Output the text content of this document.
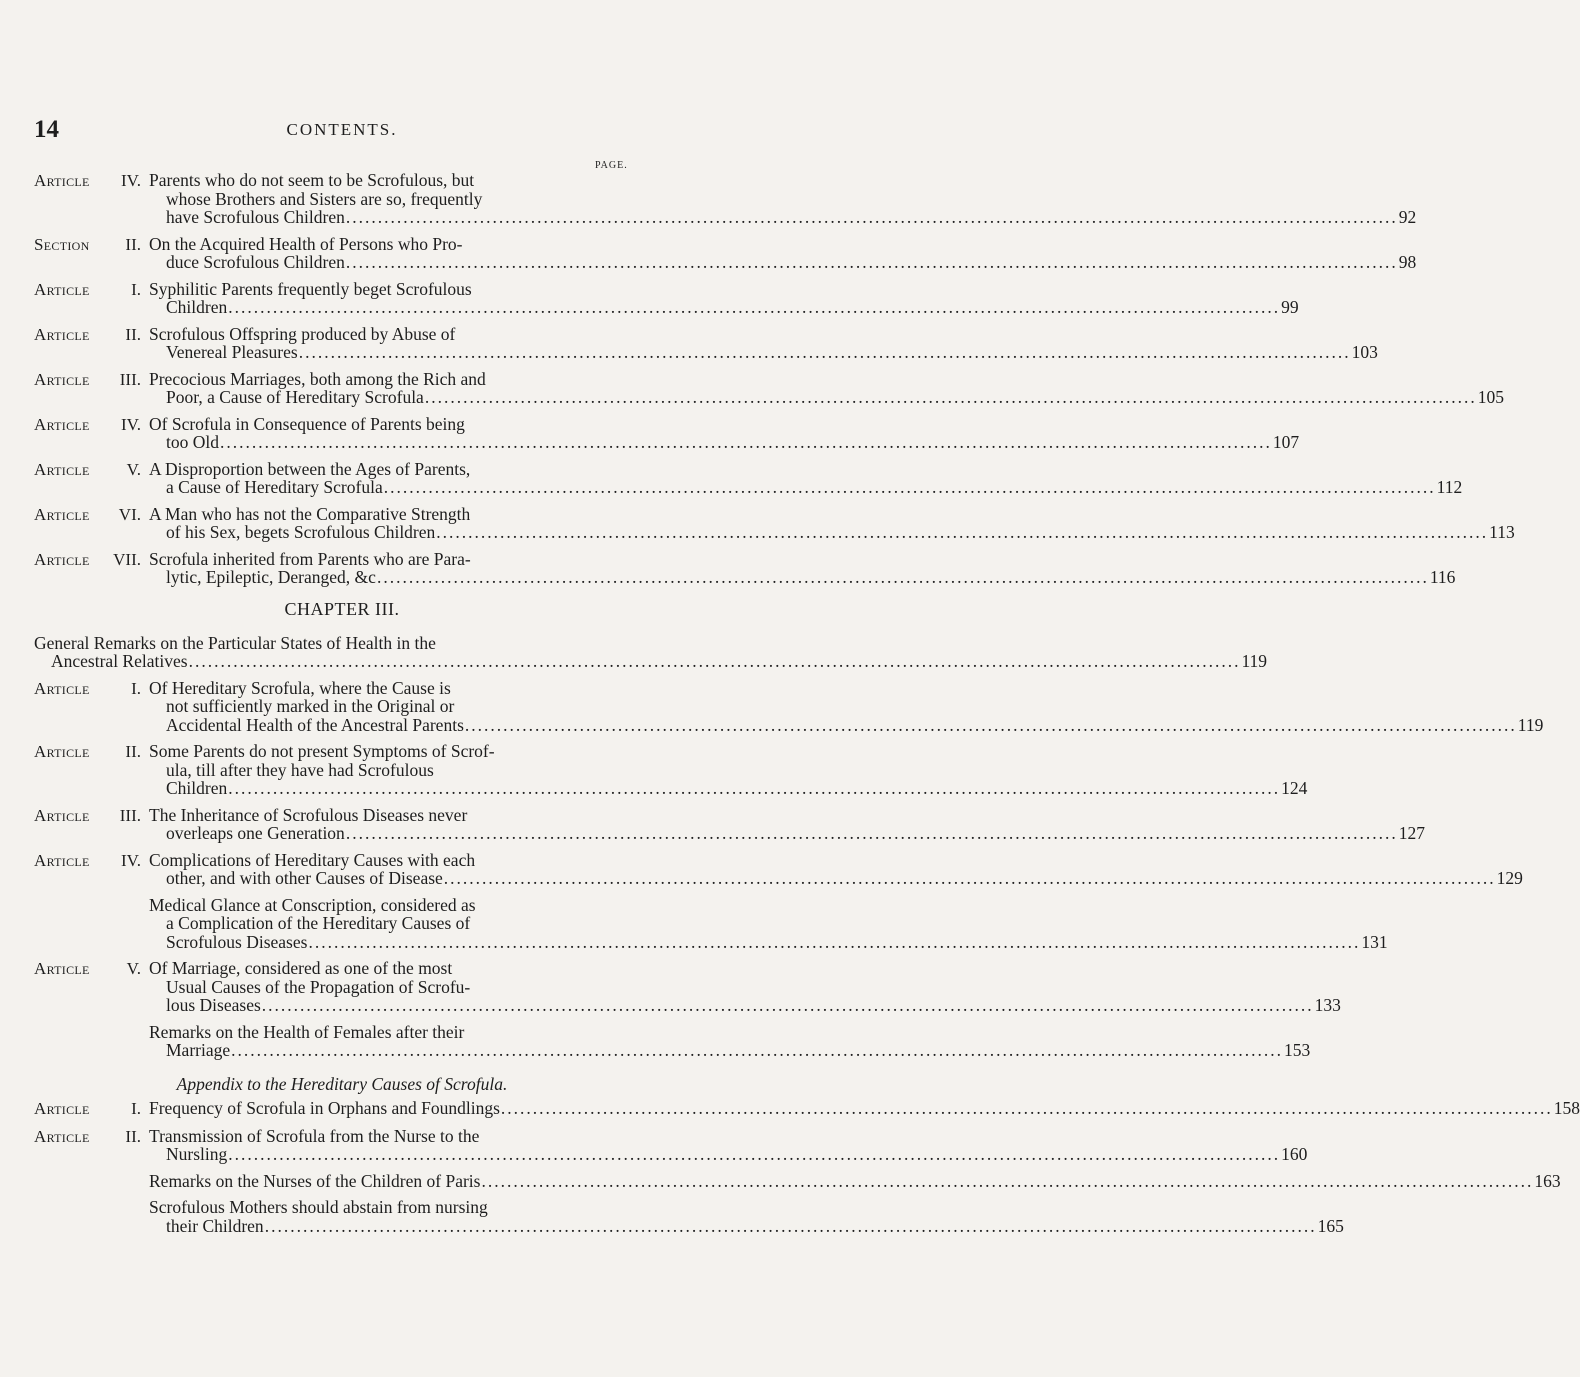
14	CONTENTS.
PAGE.
Article IV. Parents who do not seem to be Scrofulous, but
whose Brothers and Sisters are so, frequently
have Scrofulous Children .....	92
Section II. On the Acquired Health of Persons who Pro-
duce Scrofulous Children .....	98
Article I. Syphilitic Parents frequently beget Scrofulous
Children .....	99
Article II. Scrofulous Offspring produced by Abuse of
Venereal Pleasures .....	103
Article III. Precocious Marriages, both among the Rich and
Poor, a Cause of Hereditary Scrofula .....	105
Article IV. Of Scrofula in Consequence of Parents being
too Old .....	107
Article V. A Disproportion between the Ages of Parents,
a Cause of Hereditary Scrofula .....	112
Article VI. A Man who has not the Comparative Strength
of his Sex, begets Scrofulous Children .....	113
Article VII. Scrofula inherited from Parents who are Para-
lytic, Epileptic, Deranged, &c .....	116
CHAPTER III.
General Remarks on the Particular States of Health in the
Ancestral Relatives .....	119
Article I. Of Hereditary Scrofula, where the Cause is
not sufficiently marked in the Original or
Accidental Health of the Ancestral Parents .....	119
Article II. Some Parents do not present Symptoms of Scrof-
ula, till after they have had Scrofulous
Children .....	124
Article III. The Inheritance of Scrofulous Diseases never
overleaps one Generation .....	127
Article IV. Complications of Hereditary Causes with each
other, and with other Causes of Disease .....	129
Medical Glance at Conscription, considered as
a Complication of the Hereditary Causes of
Scrofulous Diseases .....	131
Article V. Of Marriage, considered as one of the most
Usual Causes of the Propagation of Scrofu-
lous Diseases .....	133
Remarks on the Health of Females after their
Marriage .....	153
Appendix to the Hereditary Causes of Scrofula.
Article I. Frequency of Scrofula in Orphans and Foundlings .....	158
Article II. Transmission of Scrofula from the Nurse to the
Nursling .....	160
Remarks on the Nurses of the Children of Paris .....	163
Scrofulous Mothers should abstain from nursing
their Children .....	165
